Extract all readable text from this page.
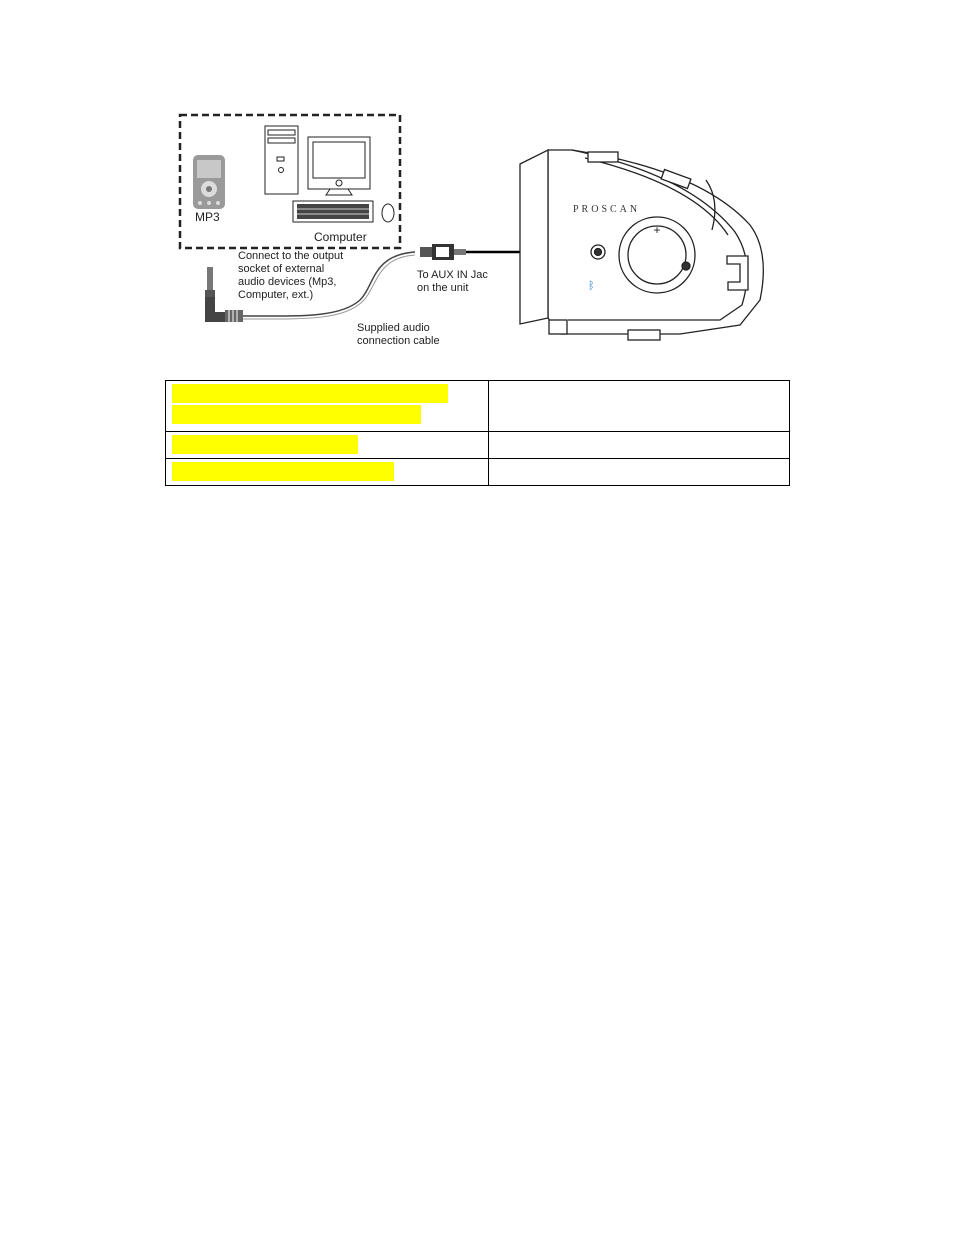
+
ᛒ
MP3
Computer
Connect to the output
socket of external
audio devices (Mp3,
Computer, ext.)
To AUX IN Jac
on the unit
Supplied audio
connection cable
PROSCAN
